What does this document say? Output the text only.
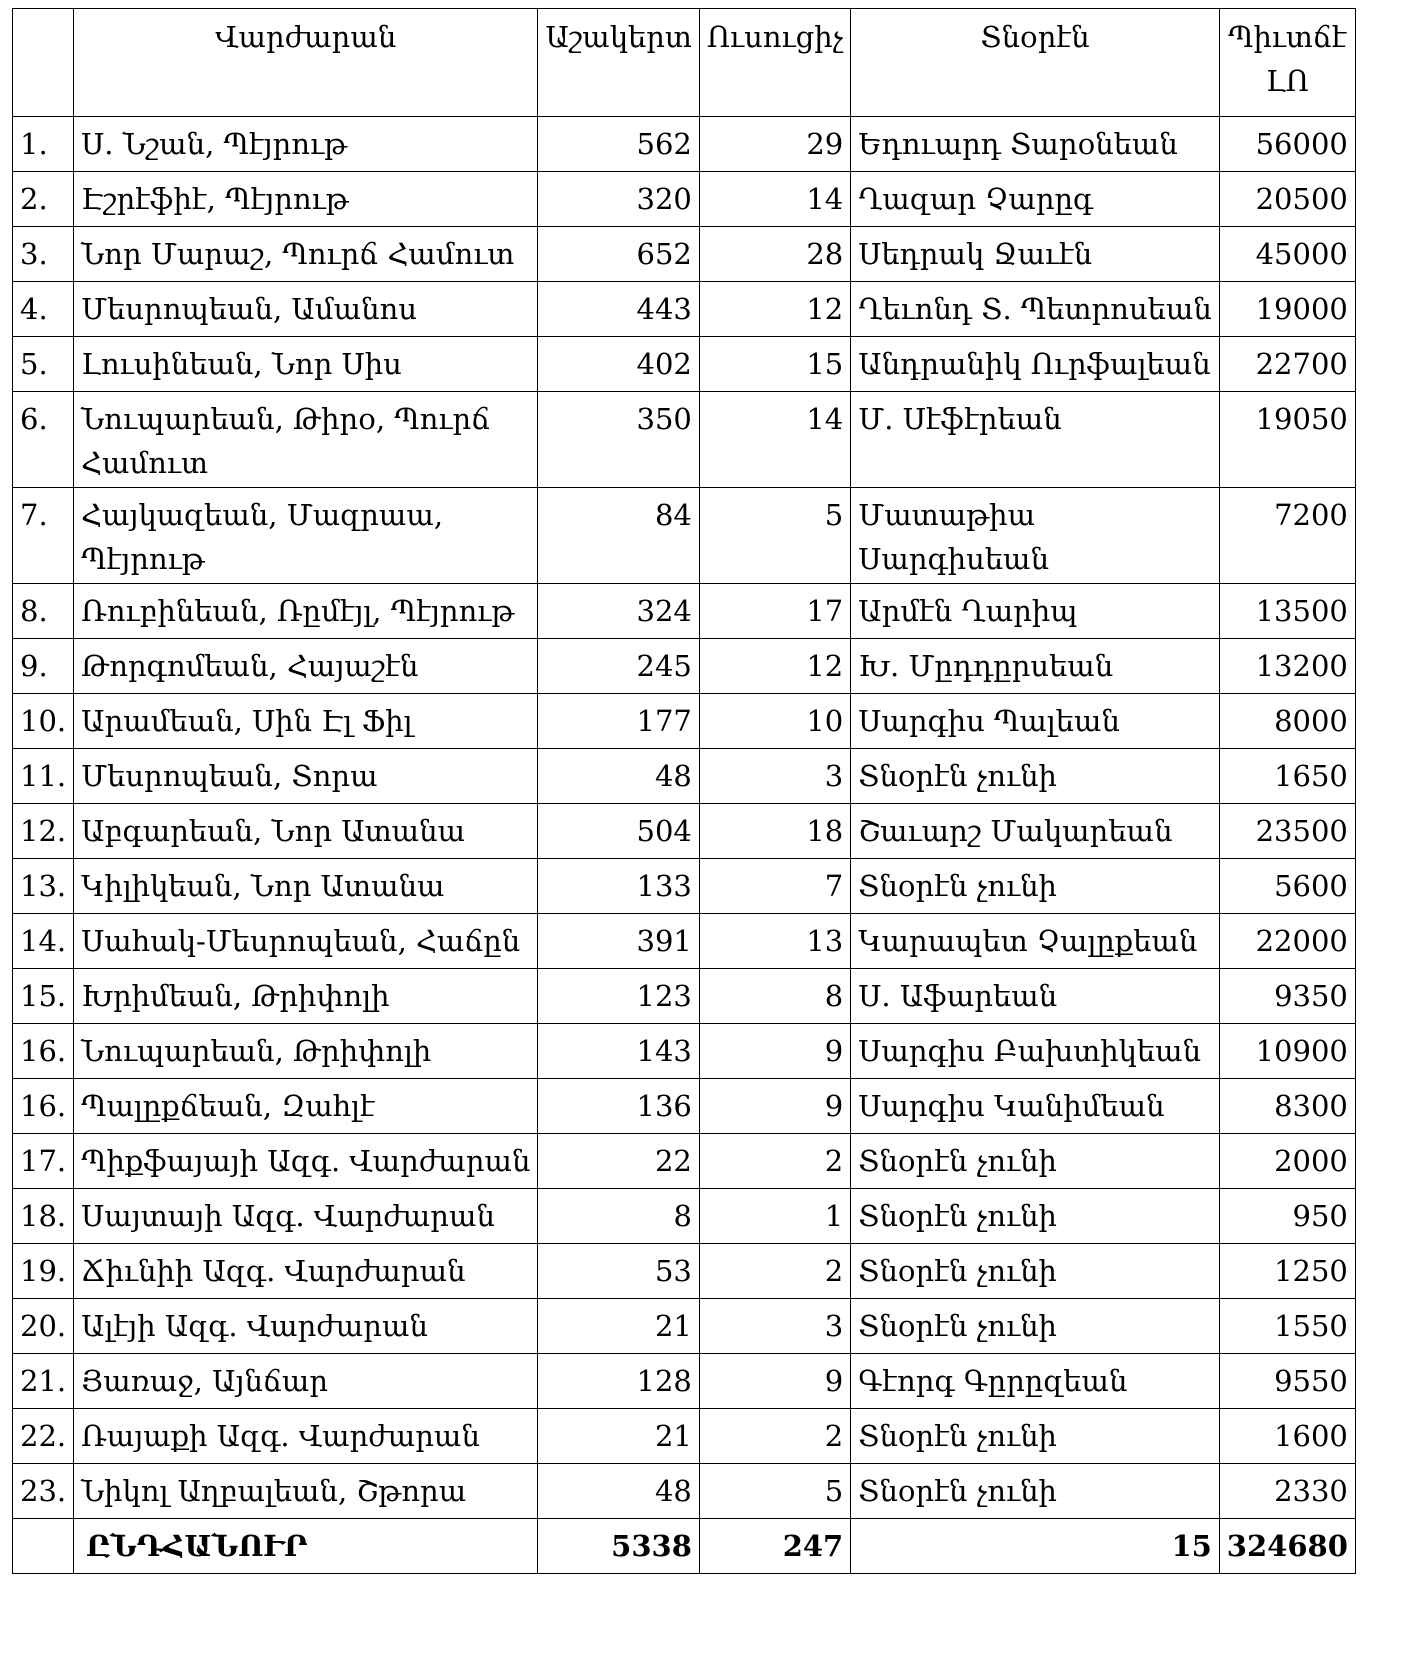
	Վարժարան	Աշակերտ	Ուսուցիչ	Տնօրէն	Պիւտճէ ԼՈ
1.	Ս. Նշան, Պէյրութ	562	29	Եդուարդ Տարօնեան	56000
2.	Էշրէֆիէ, Պէյրութ	320	14	Ղազար Չարըգ	20500
3.	Նոր Մարաշ, Պուրճ Համուտ	652	28	Սեդրակ Ջաւէն	45000
4.	Մեսրոպեան, Ամանոս	443	12	Ղեւոնդ Տ. Պետրոսեան	19000
5.	Լուսինեան, Նոր Սիս	402	15	Անդրանիկ Ուրֆալեան	22700
6.	Նուպարեան, Թիրօ, Պուրճ Համուտ	350	14	Մ. Սէֆէրեան	19050
7.	Հայկազեան, Մազրաա, Պէյրութ	84	5	Մատաթիա Սարգիսեան	7200
8.	Ռուբինեան, Ռըմէյլ, Պէյրութ	324	17	Արմէն Ղարիպ	13500
9.	Թորգոմեան, Հայաշէն	245	12	Խ. Մըդդըրսեան	13200
10.	Արամեան, Սին Էլ Ֆիլ	177	10	Սարգիս Պալեան	8000
11.	Մեսրոպեան, Տորա	48	3	Տնօրէն չունի	1650
12.	Աբգարեան, Նոր Ատանա	504	18	Շաւարշ Մակարեան	23500
13.	Կիլիկեան, Նոր Ատանա	133	7	Տնօրէն չունի	5600
14.	Սահակ-Մեսրոպեան, Հաճըն	391	13	Կարապետ Չալըքեան	22000
15.	Խրիմեան, Թրիփոլի	123	8	Ս. Աֆարեան	9350
16.	Նուպարեան, Թրիփոլի	143	9	Սարգիս Բախտիկեան	10900
16.	Պալըքճեան, Զահլէ	136	9	Սարգիս Կանիմեան	8300
17.	Պիքֆայայի Ազգ. Վարժարան	22	2	Տնօրէն չունի	2000
18.	Սայտայի Ազգ. Վարժարան	8	1	Տնօրէն չունի	950
19.	Ճիւնիի Ազգ. Վարժարան	53	2	Տնօրէն չունի	1250
20.	Ալէյի Ազգ. Վարժարան	21	3	Տնօրէն չունի	1550
21.	Յառաջ, Այնճար	128	9	Գէորգ Գըրըզեան	9550
22.	Ռայաքի Ազգ. Վարժարան	21	2	Տնօրէն չունի	1600
23.	Նիկոլ Աղբալեան, Շթորա	48	5	Տնօրէն չունի	2330
	ԸՆԴՀԱՆՈՒՐ	5338	247	15	324680
